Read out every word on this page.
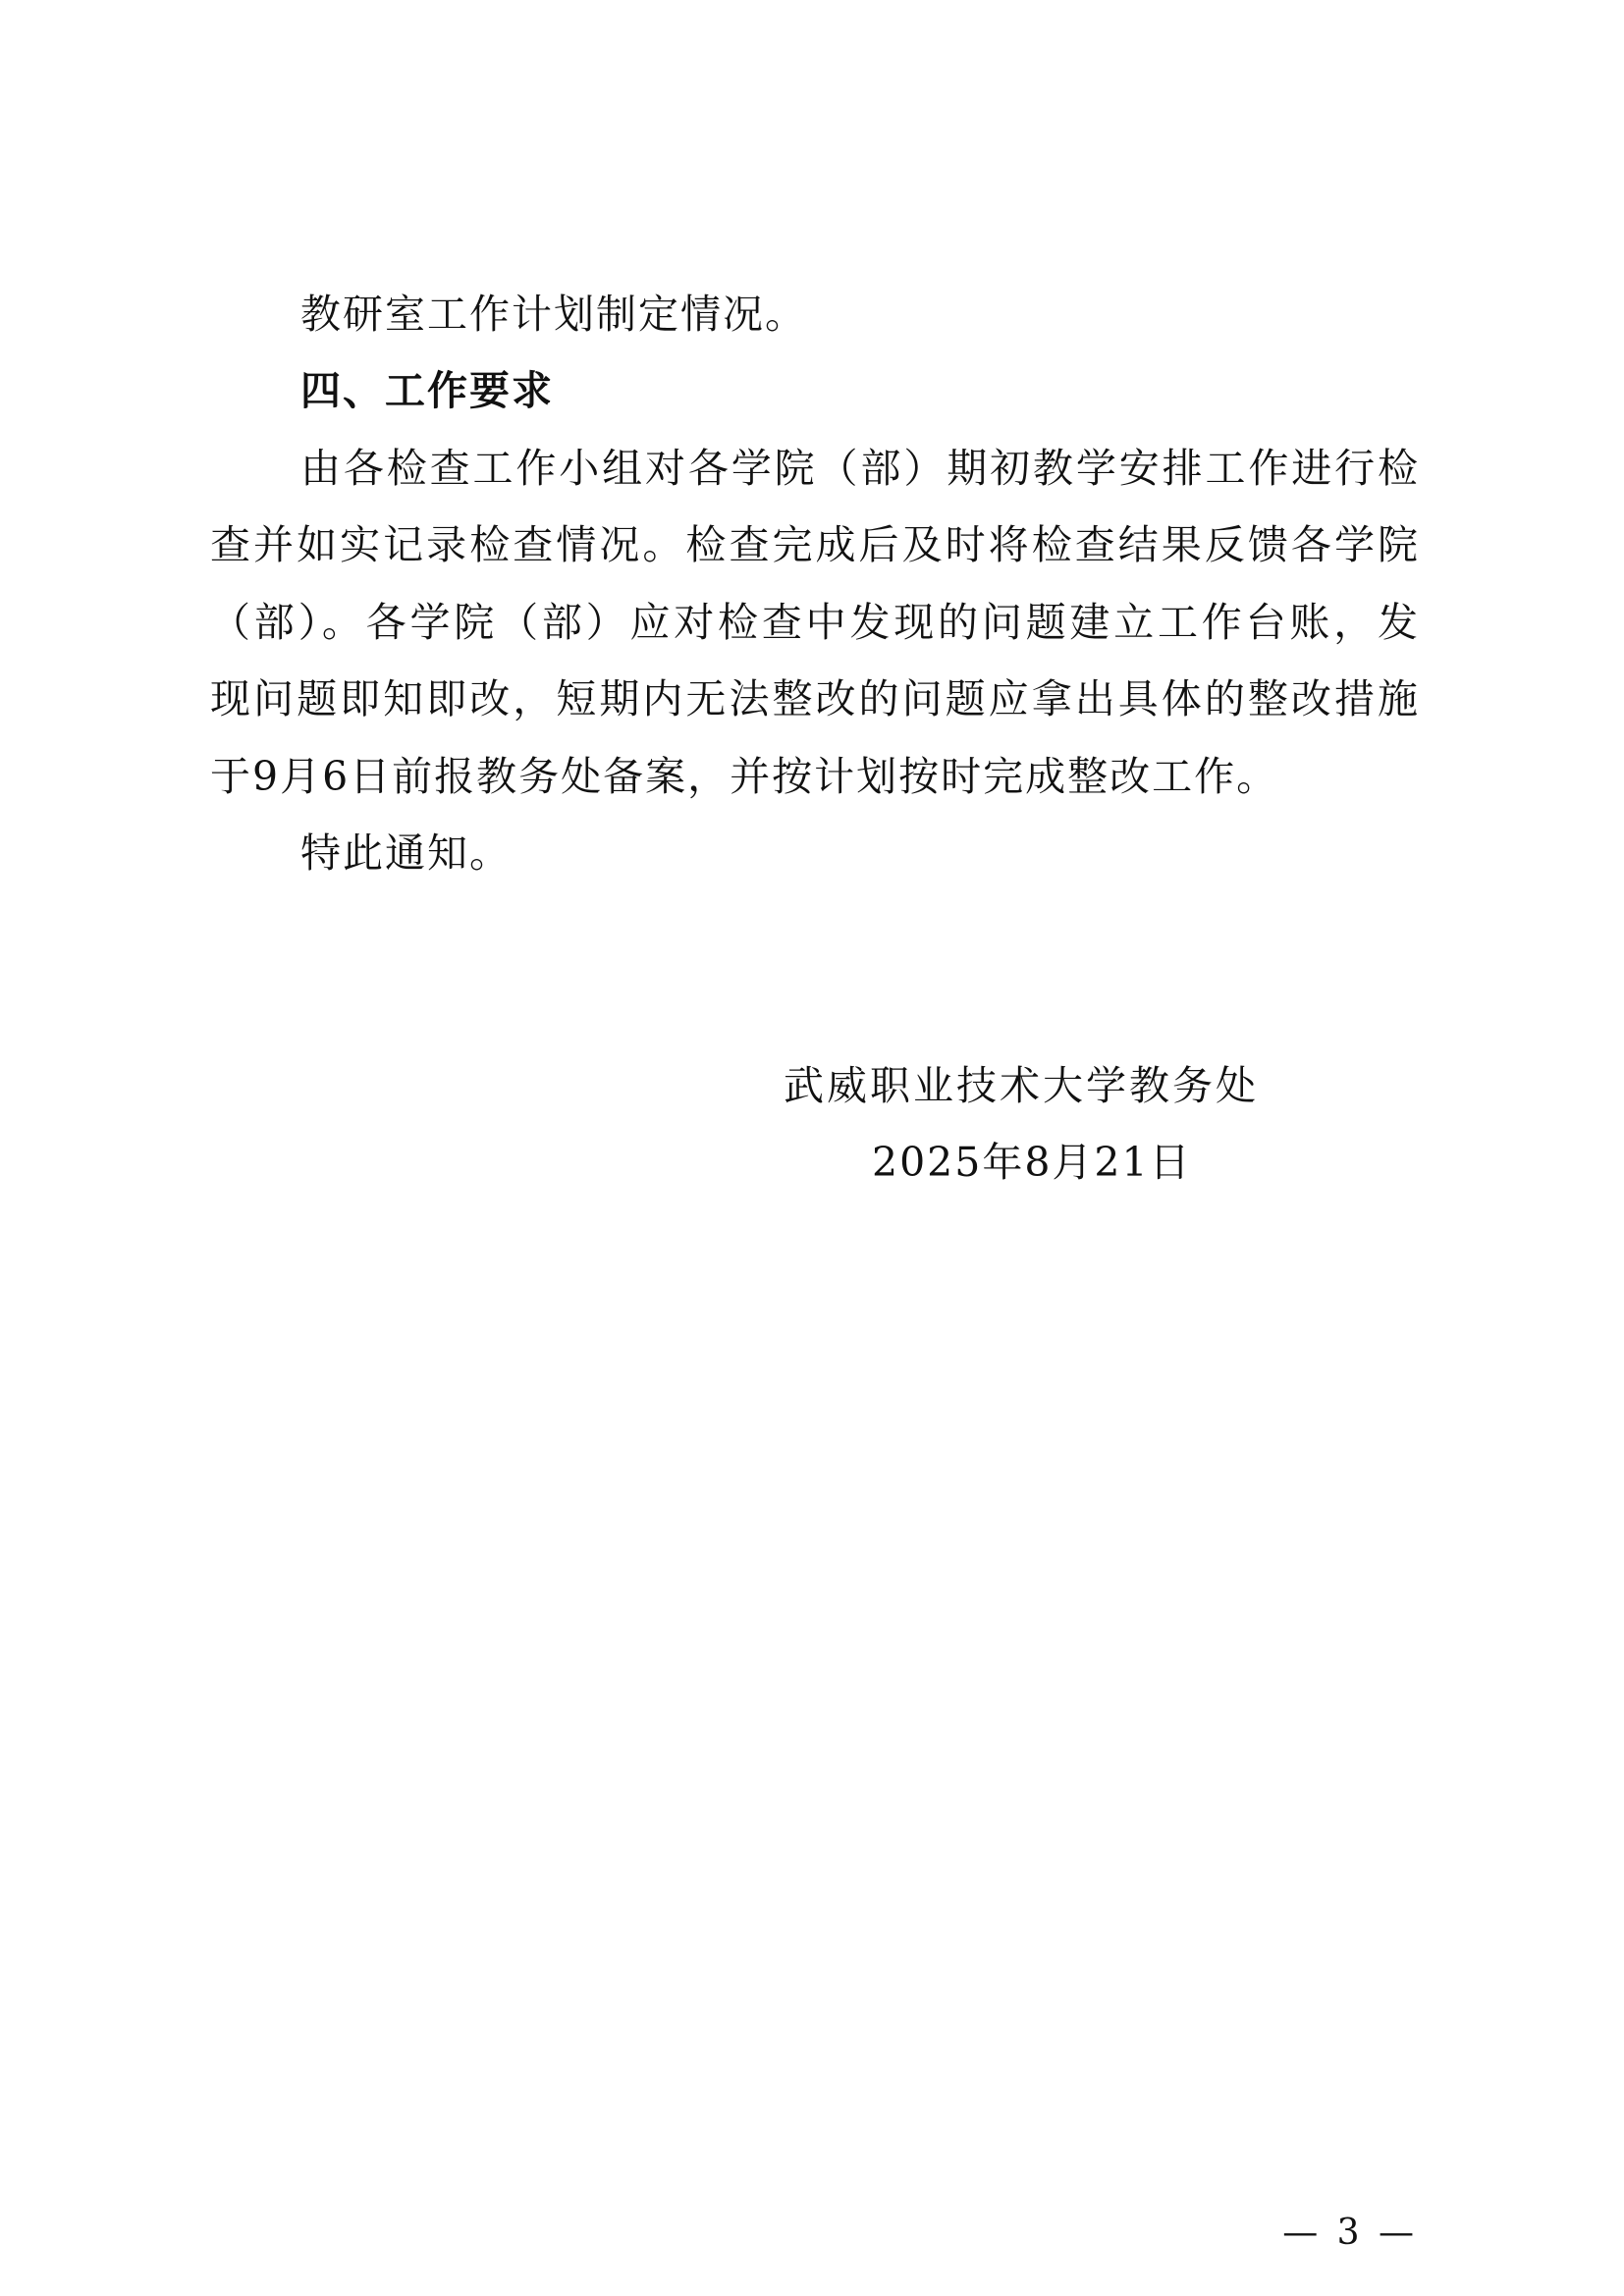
教研室工作计划制定情况。
四、工作要求
由各检查工作小组对各学院（部）期初教学安排工作进行检
查并如实记录检查情况。检查完成后及时将检查结果反馈各学院
（部）。各学院（部）应对检查中发现的问题建立工作台账，发
现问题即知即改，短期内无法整改的问题应拿出具体的整改措施
于9月6日前报教务处备案，并按计划按时完成整改工作。
特此通知。
武威职业技术大学教务处
2025年8月21日
— 3 —
